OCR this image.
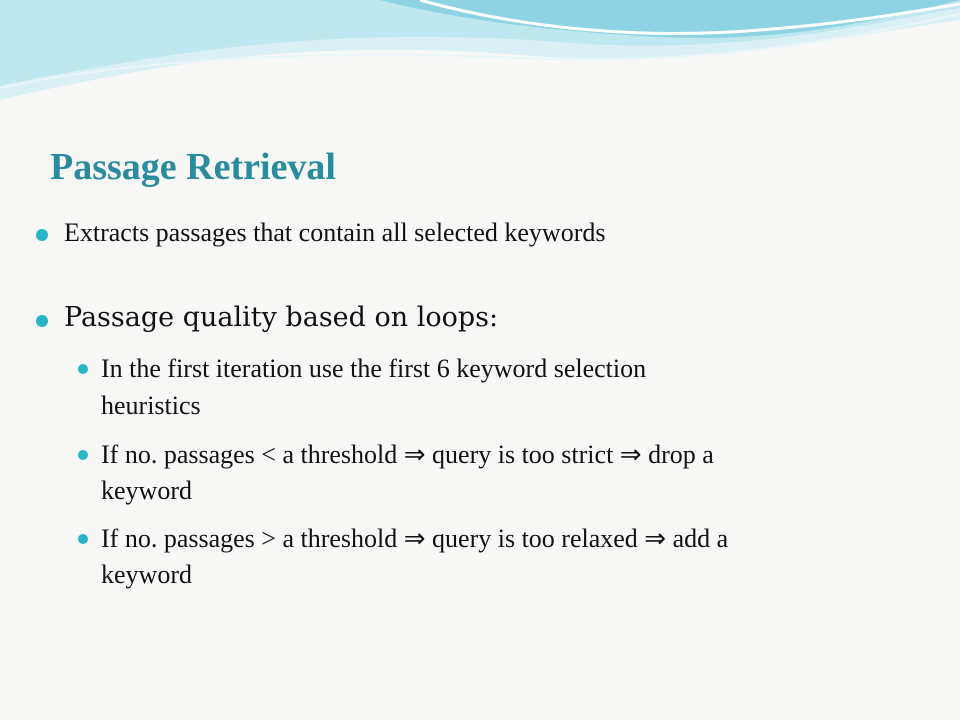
Passage Retrieval
Extracts passages that contain all selected keywords
Passage quality based on loops:
In the first iteration use the first 6 keyword selection
heuristics
If no. passages < a threshold ⇒ query is too strict ⇒ drop a
keyword
If no. passages > a threshold ⇒ query is too relaxed ⇒ add a
keyword
